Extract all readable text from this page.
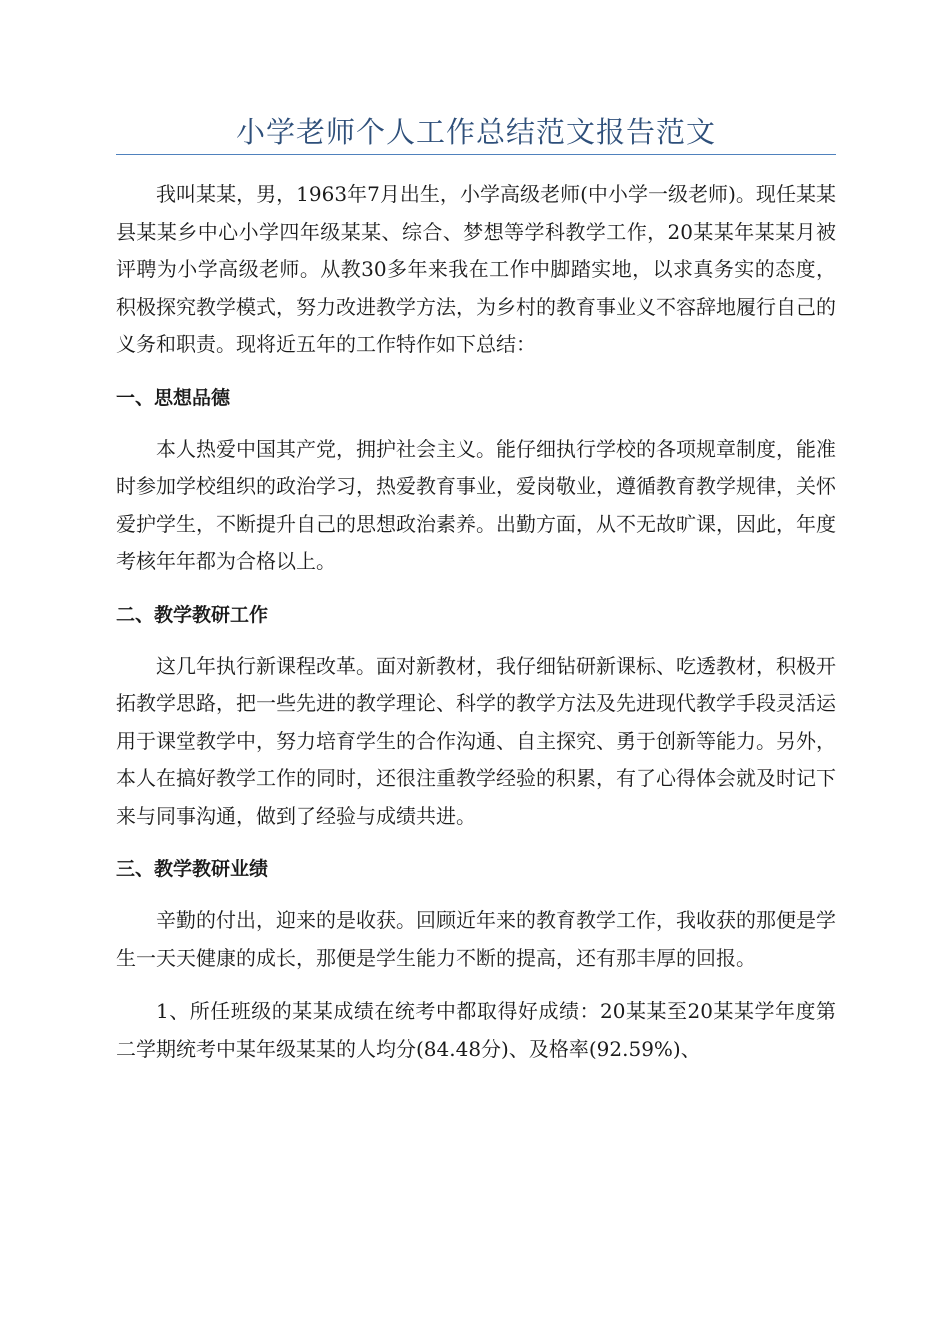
小学老师个人工作总结范文报告范文

我叫某某，男，1963年7月出生，小学高级老师(中小学一级老师)。现任某某县某某乡中心小学四年级某某、综合、梦想等学科教学工作，20某某年某某月被评聘为小学高级老师。从教30多年来我在工作中脚踏实地，以求真务实的态度，积极探究教学模式，努力改进教学方法，为乡村的教育事业义不容辞地履行自己的义务和职责。现将近五年的工作特作如下总结：

一、思想品德

本人热爱中国其产党，拥护社会主义。能仔细执行学校的各项规章制度，能准时参加学校组织的政治学习，热爱教育事业，爱岗敬业，遵循教育教学规律，关怀爱护学生，不断提升自己的思想政治素养。出勤方面，从不无故旷课，因此，年度考核年年都为合格以上。

二、教学教研工作

这几年执行新课程改革。面对新教材，我仔细钻研新课标、吃透教材，积极开拓教学思路，把一些先进的教学理论、科学的教学方法及先进现代教学手段灵活运用于课堂教学中，努力培育学生的合作沟通、自主探究、勇于创新等能力。另外，本人在搞好教学工作的同时，还很注重教学经验的积累，有了心得体会就及时记下来与同事沟通，做到了经验与成绩共进。

三、教学教研业绩

辛勤的付出，迎来的是收获。回顾近年来的教育教学工作，我收获的那便是学生一天天健康的成长，那便是学生能力不断的提高，还有那丰厚的回报。

1、所任班级的某某成绩在统考中都取得好成绩：20某某至20某某学年度第二学期统考中某年级某某的人均分(84.48分)、及格率(92.59%)、
